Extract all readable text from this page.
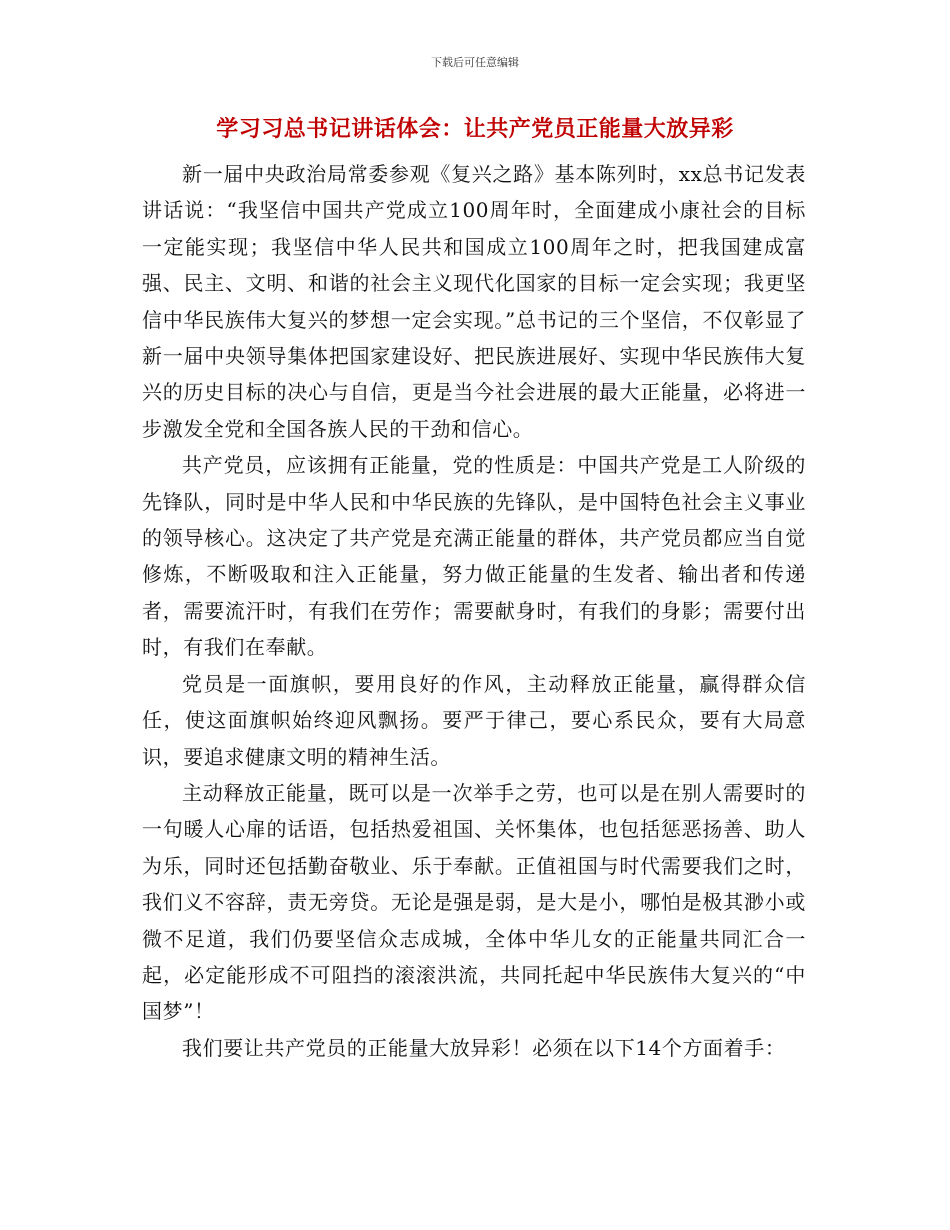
下载后可任意编辑
学习习总书记讲话体会：让共产党员正能量大放异彩

新一届中央政治局常委参观《复兴之路》基本陈列时，xx总书记发表讲话说：“我坚信中国共产党成立100周年时，全面建成小康社会的目标一定能实现；我坚信中华人民共和国成立100周年之时，把我国建成富强、民主、文明、和谐的社会主义现代化国家的目标一定会实现；我更坚信中华民族伟大复兴的梦想一定会实现。”总书记的三个坚信，不仅彰显了新一届中央领导集体把国家建设好、把民族进展好、实现中华民族伟大复兴的历史目标的决心与自信，更是当今社会进展的最大正能量，必将进一步激发全党和全国各族人民的干劲和信心。

共产党员，应该拥有正能量，党的性质是：中国共产党是工人阶级的先锋队，同时是中华人民和中华民族的先锋队，是中国特色社会主义事业的领导核心。这决定了共产党是充满正能量的群体，共产党员都应当自觉修炼，不断吸取和注入正能量，努力做正能量的生发者、输出者和传递者，需要流汗时，有我们在劳作；需要献身时，有我们的身影；需要付出时，有我们在奉献。

党员是一面旗帜，要用良好的作风，主动释放正能量，赢得群众信任，使这面旗帜始终迎风飘扬。要严于律己，要心系民众，要有大局意识，要追求健康文明的精神生活。

主动释放正能量，既可以是一次举手之劳，也可以是在别人需要时的一句暖人心扉的话语，包括热爱祖国、关怀集体，也包括惩恶扬善、助人为乐，同时还包括勤奋敬业、乐于奉献。正值祖国与时代需要我们之时，我们义不容辞，责无旁贷。无论是强是弱，是大是小，哪怕是极其渺小或微不足道，我们仍要坚信众志成城，全体中华儿女的正能量共同汇合一起，必定能形成不可阻挡的滚滚洪流，共同托起中华民族伟大复兴的“中国梦”！

我们要让共产党员的正能量大放异彩！必须在以下14个方面着手：
